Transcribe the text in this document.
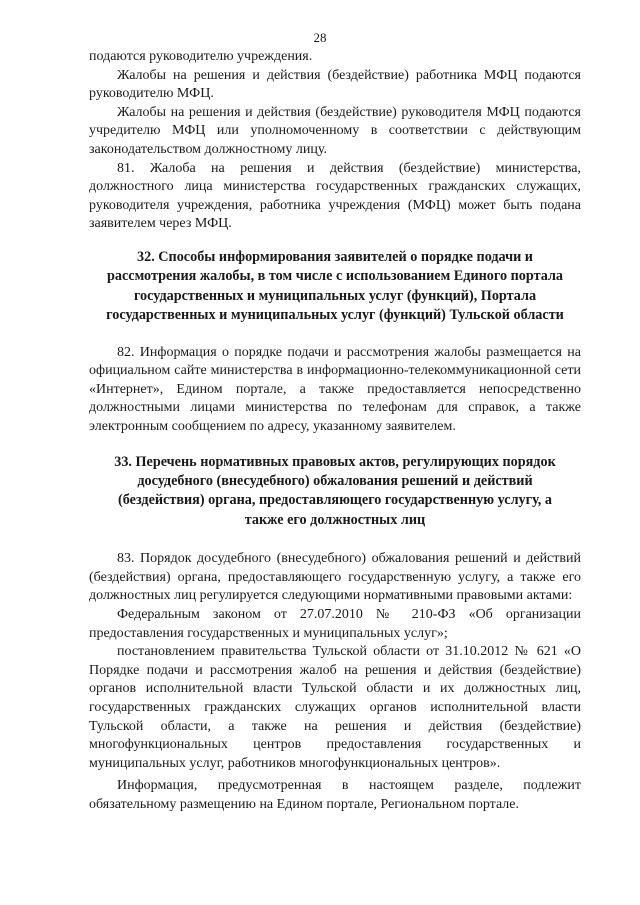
28

подаются руководителю учреждения.

Жалобы на решения и действия (бездействие) работника МФЦ подаются руководителю МФЦ.

Жалобы на решения и действия (бездействие) руководителя МФЦ подаются учредителю МФЦ или уполномоченному в соответствии с действующим законодательством должностному лицу.

81. Жалоба на решения и действия (бездействие) министерства, должностного лица министерства государственных гражданских служащих, руководителя учреждения, работника учреждения (МФЦ) может быть подана заявителем через МФЦ.

32. Способы информирования заявителей о порядке подачи и рассмотрения жалобы, в том числе с использованием Единого портала государственных и муниципальных услуг (функций), Портала государственных и муниципальных услуг (функций) Тульской области

82. Информация о порядке подачи и рассмотрения жалобы размещается на официальном сайте министерства в информационно-телекоммуникационной сети «Интернет», Едином портале, а также предоставляется непосредственно должностными лицами министерства по телефонам для справок, а также электронным сообщением по адресу, указанному заявителем.

33. Перечень нормативных правовых актов, регулирующих порядок досудебного (внесудебного) обжалования решений и действий (бездействия) органа, предоставляющего государственную услугу, а также его должностных лиц

83. Порядок досудебного (внесудебного) обжалования решений и действий (бездействия) органа, предоставляющего государственную услугу, а также его должностных лиц регулируется следующими нормативными правовыми актами:

Федеральным законом от 27.07.2010 № 210-ФЗ «Об организации предоставления государственных и муниципальных услуг»;

постановлением правительства Тульской области от 31.10.2012 № 621 «О Порядке подачи и рассмотрения жалоб на решения и действия (бездействие) органов исполнительной власти Тульской области и их должностных лиц, государственных гражданских служащих органов исполнительной власти Тульской области, а также на решения и действия (бездействие) многофункциональных центров предоставления государственных и муниципальных услуг, работников многофункциональных центров».

Информация, предусмотренная в настоящем разделе, подлежит обязательному размещению на Едином портале, Региональном портале.
